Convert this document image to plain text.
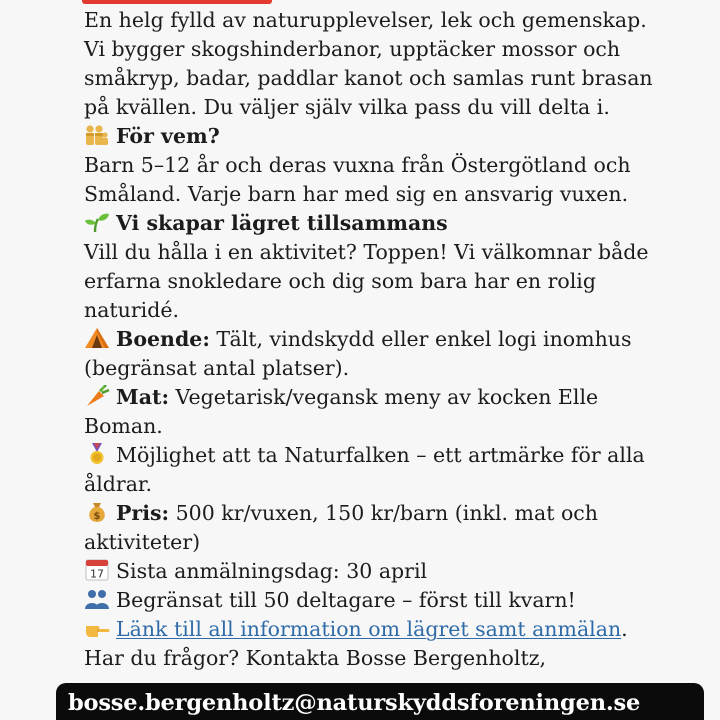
En helg fylld av naturupplevelser, lek och gemenskap.
Vi bygger skogshinderbanor, upptäcker mossor och
småkryp, badar, paddlar kanot och samlas runt brasan
på kvällen. Du väljer själv vilka pass du vill delta i.
För vem?
Barn 5–12 år och deras vuxna från Östergötland och
Småland. Varje barn har med sig en ansvarig vuxen.
Vi skapar lägret tillsammans
Vill du hålla i en aktivitet? Toppen! Vi välkomnar både
erfarna snokledare och dig som bara har en rolig
naturidé.
Boende: Tält, vindskydd eller enkel logi inomhus
(begränsat antal platser).
Mat: Vegetarisk/vegansk meny av kocken Elle
Boman.
Möjlighet att ta Naturfalken – ett artmärke för alla
åldrar.
$ Pris: 500 kr/vuxen, 150 kr/barn (inkl. mat och
aktiviteter)
17 Sista anmälningsdag: 30 april
Begränsat till 50 deltagare – först till kvarn!
Länk till all information om lägret samt anmälan.
Har du frågor? Kontakta Bosse Bergenholtz,
bosse.bergenholtz@naturskyddsforeningen.se
